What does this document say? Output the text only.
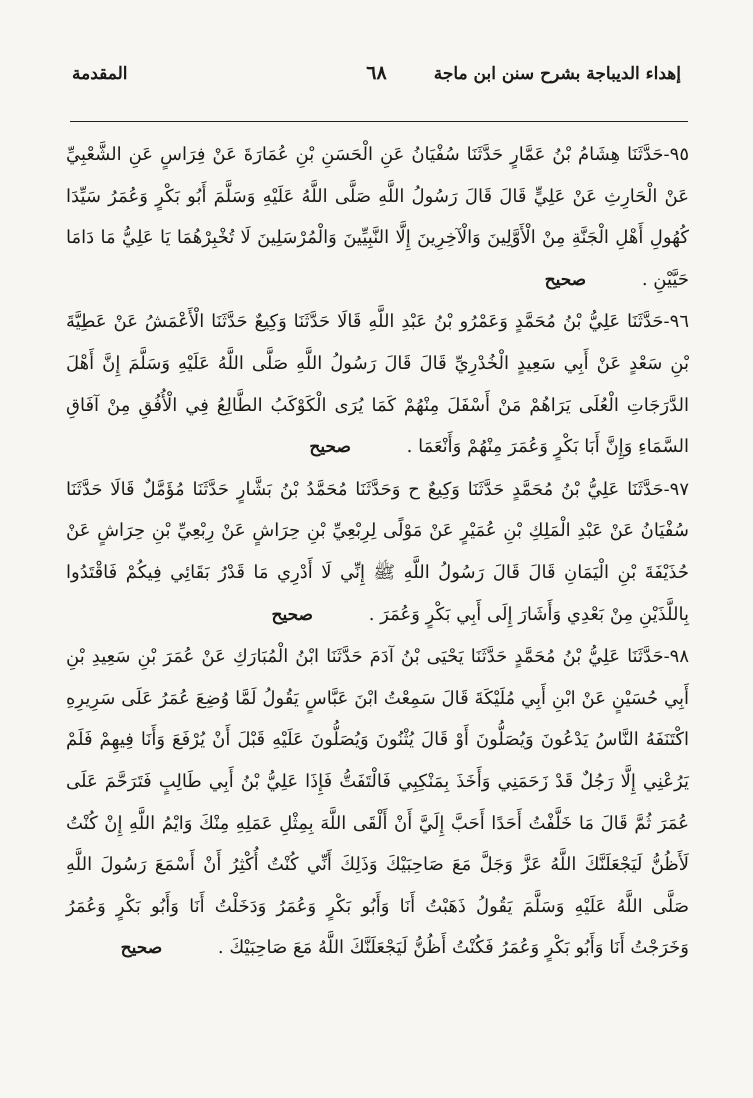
إهداء الديباجة بشرح سنن ابن ماجة
٦٨
المقدمة

٩٥-حَدَّثَنَا هِشَامُ بْنُ عَمَّارٍ حَدَّثَنَا سُفْيَانُ عَنِ الْحَسَنِ بْنِ عُمَارَةَ عَنْ فِرَاسٍ عَنِ الشَّعْبِيِّ عَنْ الْحَارِثِ عَنْ عَلِيٍّ قَالَ قَالَ رَسُولُ اللَّهِ صَلَّى اللَّهُ عَلَيْهِ وَسَلَّمَ أَبُو بَكْرٍ وَعُمَرُ سَيِّدَا كُهُولِ أَهْلِ الْجَنَّةِ مِنْ الْأَوَّلِينَ وَالْآخِرِينَ إِلَّا النَّبِيِّينَ وَالْمُرْسَلِينَ لَا تُخْبِرْهُمَا يَا عَلِيُّ مَا دَامَا حَيَّيْنِ . صحيح

٩٦-حَدَّثَنَا عَلِيُّ بْنُ مُحَمَّدٍ وَعَمْرُو بْنُ عَبْدِ اللَّهِ قَالَا حَدَّثَنَا وَكِيعٌ حَدَّثَنَا الْأَعْمَشُ عَنْ عَطِيَّةَ بْنِ سَعْدٍ عَنْ أَبِي سَعِيدٍ الْخُدْرِيِّ قَالَ قَالَ رَسُولُ اللَّهِ صَلَّى اللَّهُ عَلَيْهِ وَسَلَّمَ إِنَّ أَهْلَ الدَّرَجَاتِ الْعُلَى يَرَاهُمْ مَنْ أَسْفَلَ مِنْهُمْ كَمَا يُرَى الْكَوْكَبُ الطَّالِعُ فِي الْأُفُقِ مِنْ آفَاقِ السَّمَاءِ وَإِنَّ أَبَا بَكْرٍ وَعُمَرَ مِنْهُمْ وَأَنْعَمَا . صحيح

٩٧-حَدَّثَنَا عَلِيُّ بْنُ مُحَمَّدٍ حَدَّثَنَا وَكِيعٌ ح وَحَدَّثَنَا مُحَمَّدُ بْنُ بَشَّارٍ حَدَّثَنَا مُؤَمَّلٌ قَالَا حَدَّثَنَا سُفْيَانُ عَنْ عَبْدِ الْمَلِكِ بْنِ عُمَيْرٍ عَنْ مَوْلًى لِرِبْعِيِّ بْنِ حِرَاشٍ عَنْ رِبْعِيِّ بْنِ حِرَاشٍ عَنْ حُذَيْفَةَ بْنِ الْيَمَانِ قَالَ قَالَ رَسُولُ اللَّهِ ﷺ إِنِّي لَا أَدْرِي مَا قَدْرُ بَقَائِي فِيكُمْ فَاقْتَدُوا بِاللَّذَيْنِ مِنْ بَعْدِي وَأَشَارَ إِلَى أَبِي بَكْرٍ وَعُمَرَ . صحيح

٩٨-حَدَّثَنَا عَلِيُّ بْنُ مُحَمَّدٍ حَدَّثَنَا يَحْيَى بْنُ آدَمَ حَدَّثَنَا ابْنُ الْمُبَارَكِ عَنْ عُمَرَ بْنِ سَعِيدِ بْنِ أَبِي حُسَيْنٍ عَنْ ابْنِ أَبِي مُلَيْكَةَ قَالَ سَمِعْتُ ابْنَ عَبَّاسٍ يَقُولُ لَمَّا وُضِعَ عُمَرُ عَلَى سَرِيرِهِ اكْتَنَفَهُ النَّاسُ يَدْعُونَ وَيُصَلُّونَ أَوْ قَالَ يُثْنُونَ وَيُصَلُّونَ عَلَيْهِ قَبْلَ أَنْ يُرْفَعَ وَأَنَا فِيهِمْ فَلَمْ يَرُعْنِي إِلَّا رَجُلٌ قَدْ زَحَمَنِي وَأَخَذَ بِمَنْكِبِي فَالْتَفَتُّ فَإِذَا عَلِيُّ بْنُ أَبِي طَالِبٍ فَتَرَحَّمَ عَلَى عُمَرَ ثُمَّ قَالَ مَا خَلَّفْتُ أَحَدًا أَحَبَّ إِلَيَّ أَنْ أَلْقَى اللَّهَ بِمِثْلِ عَمَلِهِ مِنْكَ وَايْمُ اللَّهِ إِنْ كُنْتُ لَأَظُنُّ لَيَجْعَلَنَّكَ اللَّهُ عَزَّ وَجَلَّ مَعَ صَاحِبَيْكَ وَذَلِكَ أَنِّي كُنْتُ أُكْثِرُ أَنْ أَسْمَعَ رَسُولَ اللَّهِ صَلَّى اللَّهُ عَلَيْهِ وَسَلَّمَ يَقُولُ ذَهَبْتُ أَنَا وَأَبُو بَكْرٍ وَعُمَرُ وَدَخَلْتُ أَنَا وَأَبُو بَكْرٍ وَعُمَرُ وَخَرَجْتُ أَنَا وَأَبُو بَكْرٍ وَعُمَرُ فَكُنْتُ أَظُنُّ لَيَجْعَلَنَّكَ اللَّهُ مَعَ صَاحِبَيْكَ . صحيح
